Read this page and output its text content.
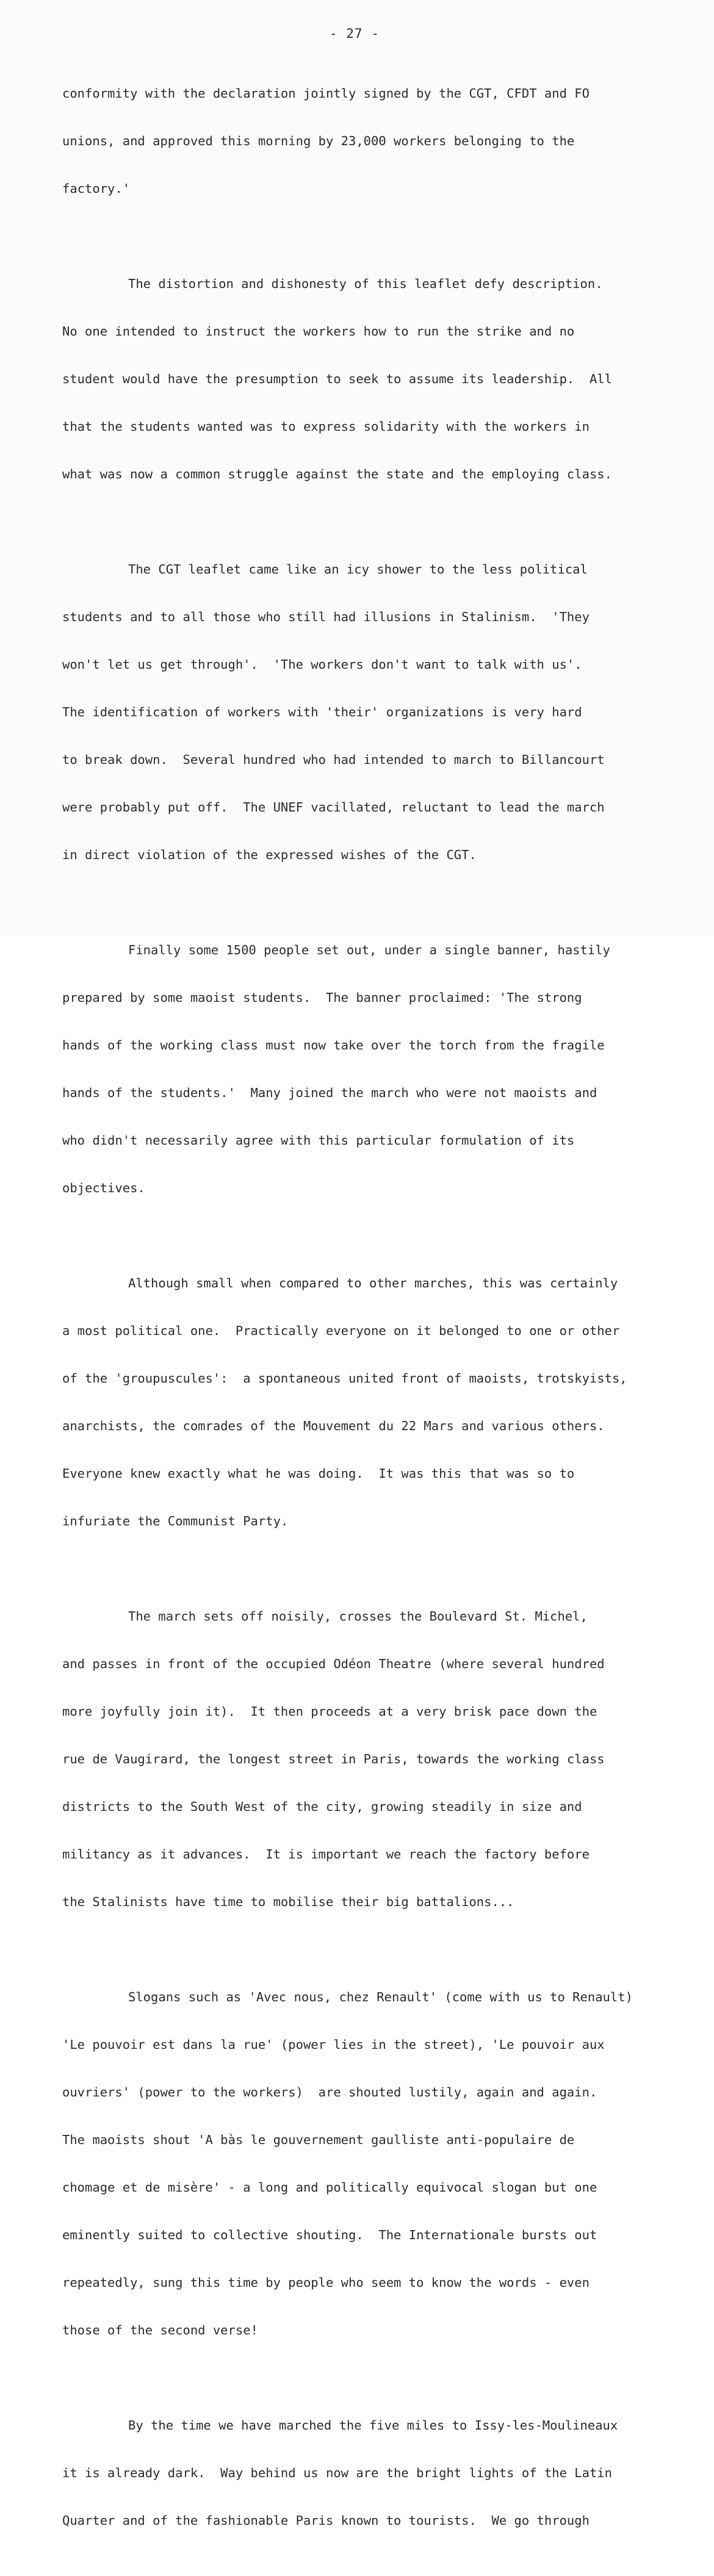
- 27 -

conformity with the declaration jointly signed by the CGT, CFDT and FO

unions, and approved this morning by 23,000 workers belonging to the

factory.'

The distortion and dishonesty of this leaflet defy description.

No one intended to instruct the workers how to run the strike and no

student would have the presumption to seek to assume its leadership.  All

that the students wanted was to express solidarity with the workers in

what was now a common struggle against the state and the employing class.

The CGT leaflet came like an icy shower to the less political

students and to all those who still had illusions in Stalinism.  'They

won't let us get through'.  'The workers don't want to talk with us'.

The identification of workers with 'their' organizations is very hard

to break down.  Several hundred who had intended to march to Billancourt

were probably put off.  The UNEF vacillated, reluctant to lead the march

in direct violation of the expressed wishes of the CGT.

Finally some 1500 people set out, under a single banner, hastily

prepared by some maoist students.  The banner proclaimed: 'The strong

hands of the working class must now take over the torch from the fragile

hands of the students.'  Many joined the march who were not maoists and

who didn't necessarily agree with this particular formulation of its

objectives.

Although small when compared to other marches, this was certainly

a most political one.  Practically everyone on it belonged to one or other

of the 'groupuscules':  a spontaneous united front of maoists, trotskyists,

anarchists, the comrades of the Mouvement du 22 Mars and various others.

Everyone knew exactly what he was doing.  It was this that was so to

infuriate the Communist Party.

The march sets off noisily, crosses the Boulevard St. Michel,

and passes in front of the occupied Odéon Theatre (where several hundred

more joyfully join it).  It then proceeds at a very brisk pace down the

rue de Vaugirard, the longest street in Paris, towards the working class

districts to the South West of the city, growing steadily in size and

militancy as it advances.  It is important we reach the factory before

the Stalinists have time to mobilise their big battalions...

Slogans such as 'Avec nous, chez Renault' (come with us to Renault)

'Le pouvoir est dans la rue' (power lies in the street), 'Le pouvoir aux

ouvriers' (power to the workers)  are shouted lustily, again and again.

The maoists shout 'A bàs le gouvernement gaulliste anti-populaire de

chomage et de misère' - a long and politically equivocal slogan but one

eminently suited to collective shouting.  The Internationale bursts out

repeatedly, sung this time by people who seem to know the words - even

those of the second verse!

By the time we have marched the five miles to Issy-les-Moulineaux

it is already dark.  Way behind us now are the bright lights of the Latin

Quarter and of the fashionable Paris known to tourists.  We go through
